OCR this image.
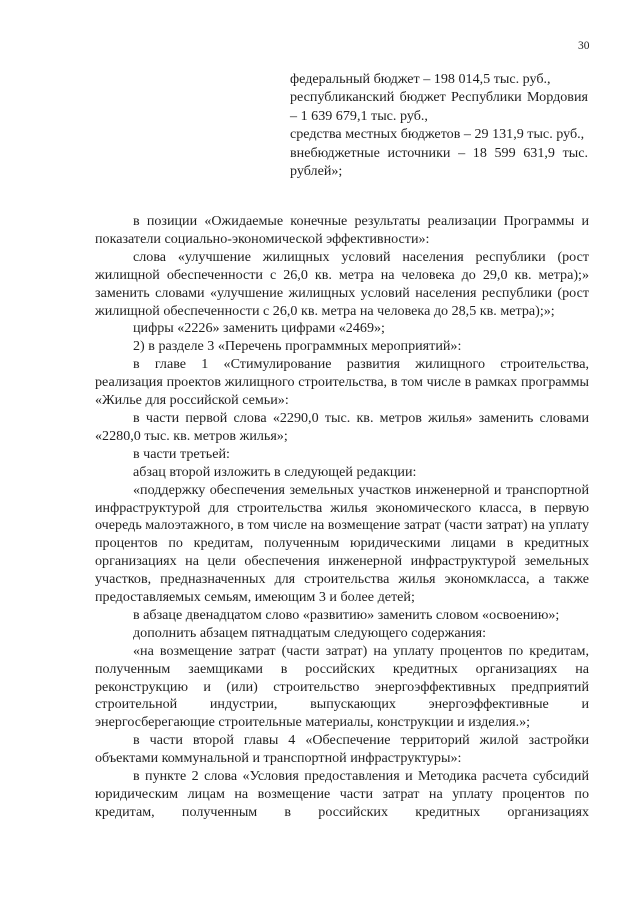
30

федеральный бюджет – 198 014,5 тыс. руб.,

республиканский бюджет Республики Мордовия – 1 639 679,1 тыс. руб.,

средства местных бюджетов – 29 131,9 тыс. руб.,

внебюджетные источники – 18 599 631,9 тыс. рублей»;

в позиции «Ожидаемые конечные результаты реализации Программы и показатели социально-экономической эффективности»:

слова «улучшение жилищных условий населения республики (рост жилищной обеспеченности с 26,0 кв. метра на человека до 29,0 кв. метра);» заменить словами «улучшение жилищных условий населения республики (рост жилищной обеспеченности с 26,0 кв. метра на человека до 28,5 кв. метра);»;

цифры «2226» заменить цифрами «2469»;

2) в разделе 3 «Перечень программных мероприятий»:

в главе 1 «Стимулирование развития жилищного строительства, реализация проектов жилищного строительства, в том числе в рамках программы «Жилье для российской семьи»:

в части первой слова «2290,0 тыс. кв. метров жилья» заменить словами «2280,0 тыс. кв. метров жилья»;

в части третьей:

абзац второй изложить в следующей редакции:

«поддержку обеспечения земельных участков инженерной и транспортной инфраструктурой для строительства жилья экономического класса, в первую очередь малоэтажного, в том числе на возмещение затрат (части затрат) на уплату процентов по кредитам, полученным юридическими лицами в кредитных организациях на цели обеспечения инженерной инфраструктурой земельных участков, предназначенных для строительства жилья экономкласса, а также предоставляемых семьям, имеющим 3 и более детей;

в абзаце двенадцатом слово «развитию» заменить словом «освоению»;

дополнить абзацем пятнадцатым следующего содержания:

«на возмещение затрат (части затрат) на уплату процентов по кредитам, полученным заемщиками в российских кредитных организациях на реконструкцию и (или) строительство энергоэффективных предприятий строительной индустрии, выпускающих энергоэффективные и энергосберегающие строительные материалы, конструкции и изделия.»;

в части второй главы 4 «Обеспечение территорий жилой застройки объектами коммунальной и транспортной инфраструктуры»:

в пункте 2 слова «Условия предоставления и Методика расчета субсидий юридическим лицам на возмещение части затрат на уплату процентов по кредитам, полученным в российских кредитных организациях
